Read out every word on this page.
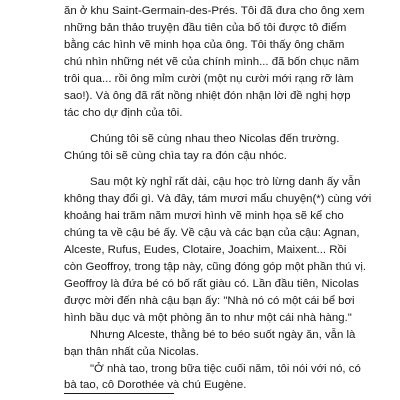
ăn ở khu Saint-Germain-des-Prés. Tôi đã đưa cho ông xem
những bản thảo truyện đầu tiên của bố tôi được tô điểm
bằng các hình vẽ minh họa của ông. Tôi thấy ông chăm
chú nhìn những nét vẽ của chính mình... đã bốn chục năm
trôi qua... rồi ông mỉm cười (một nụ cười mới rạng rỡ làm
sao!). Và ông đã rất nồng nhiệt đón nhận lời đề nghị hợp
tác cho dự định của tôi.
Chúng tôi sẽ cùng nhau theo Nicolas đến trường.
Chúng tôi sẽ cùng chìa tay ra đón cậu nhóc.
Sau một kỳ nghỉ rất dài, cậu học trò lừng danh ấy vẫn
không thay đổi gì. Và đây, tám mươi mẩu chuyện(*) cùng với
khoảng hai trăm năm mươi hình vẽ minh họa sẽ kể cho
chúng ta về cậu bé ấy. Về cậu và các bạn của cậu: Agnan,
Alceste, Rufus, Eudes, Clotaire, Joachim, Maixent... Rồi
còn Geoffroy, trong tập này, cũng đóng góp một phần thú vị.
Geoffroy là đứa bé có bố rất giàu có. Lần đầu tiên, Nicolas
được mời đến nhà cậu bạn ấy: "Nhà nó có một cái bể bơi
hình bầu dục và một phòng ăn to như một cái nhà hàng."
Nhưng Alceste, thằng bé to béo suốt ngày ăn, vẫn là
bạn thân nhất của Nicolas.
"Ở nhà tao, trong bữa tiệc cuối năm, tôi nói với nó, có
bà tao, cô Dorothée và chú Eugène.
